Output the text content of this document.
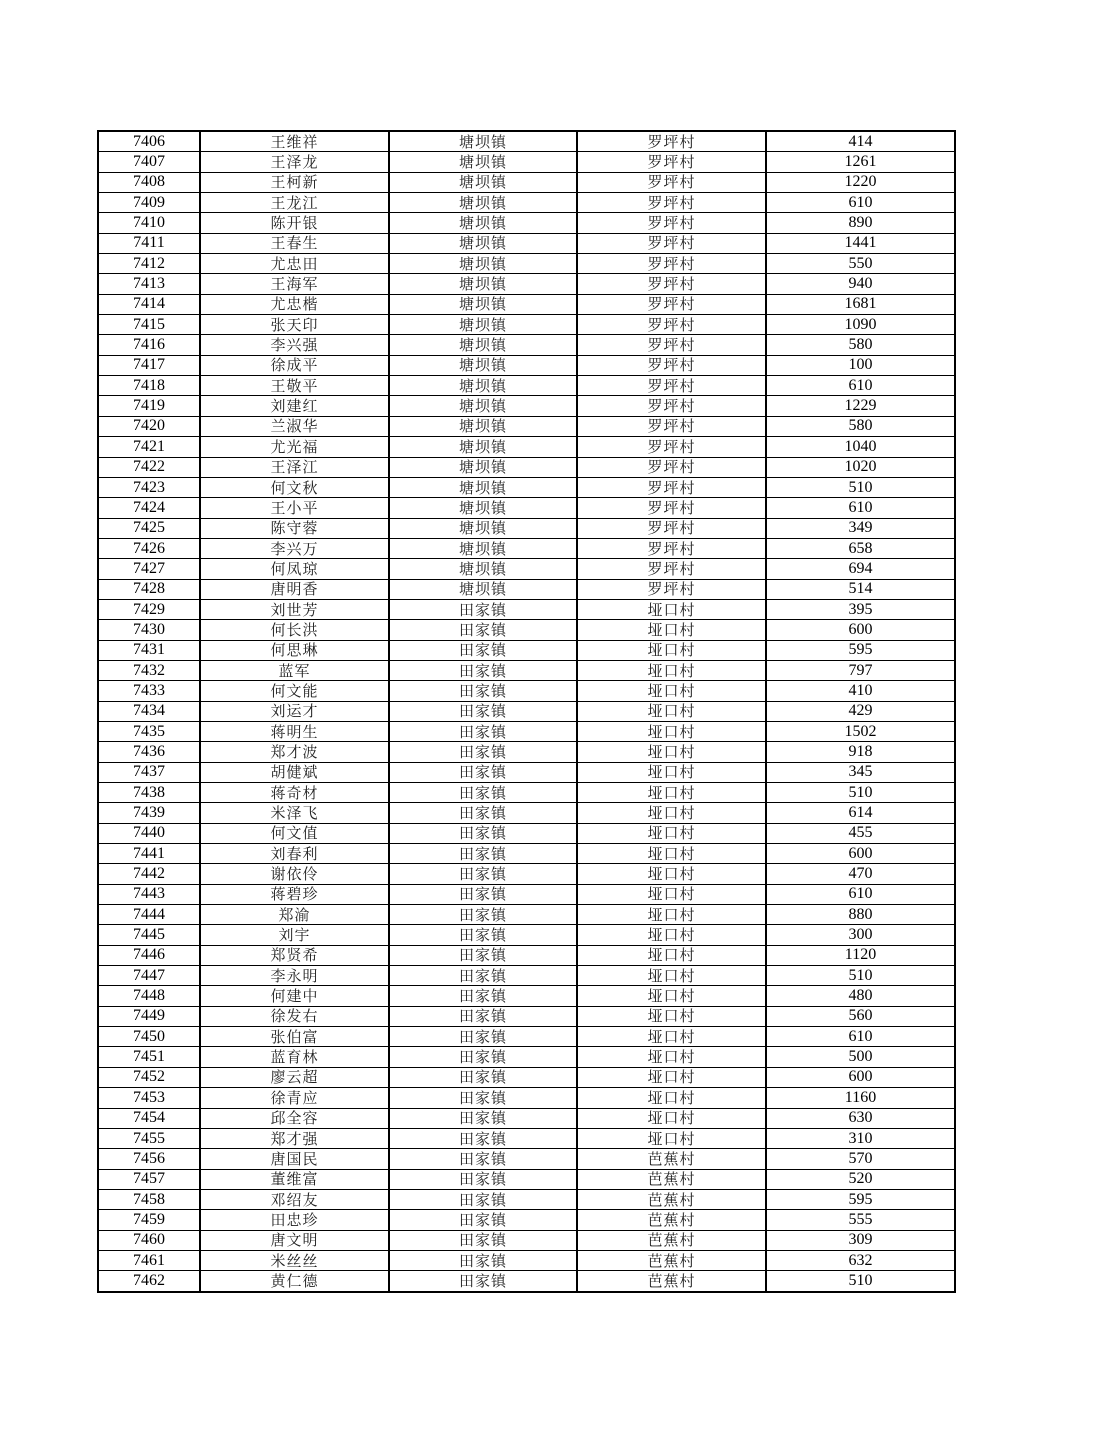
7406	王维祥	塘坝镇	罗坪村	414
7407	王泽龙	塘坝镇	罗坪村	1261
7408	王柯新	塘坝镇	罗坪村	1220
7409	王龙江	塘坝镇	罗坪村	610
7410	陈开银	塘坝镇	罗坪村	890
7411	王春生	塘坝镇	罗坪村	1441
7412	尤忠田	塘坝镇	罗坪村	550
7413	王海军	塘坝镇	罗坪村	940
7414	尤忠楷	塘坝镇	罗坪村	1681
7415	张天印	塘坝镇	罗坪村	1090
7416	李兴强	塘坝镇	罗坪村	580
7417	徐成平	塘坝镇	罗坪村	100
7418	王敬平	塘坝镇	罗坪村	610
7419	刘建红	塘坝镇	罗坪村	1229
7420	兰淑华	塘坝镇	罗坪村	580
7421	尤光福	塘坝镇	罗坪村	1040
7422	王泽江	塘坝镇	罗坪村	1020
7423	何文秋	塘坝镇	罗坪村	510
7424	王小平	塘坝镇	罗坪村	610
7425	陈守蓉	塘坝镇	罗坪村	349
7426	李兴万	塘坝镇	罗坪村	658
7427	何凤琼	塘坝镇	罗坪村	694
7428	唐明香	塘坝镇	罗坪村	514
7429	刘世芳	田家镇	垭口村	395
7430	何长洪	田家镇	垭口村	600
7431	何思琳	田家镇	垭口村	595
7432	蓝军	田家镇	垭口村	797
7433	何文能	田家镇	垭口村	410
7434	刘运才	田家镇	垭口村	429
7435	蒋明生	田家镇	垭口村	1502
7436	郑才波	田家镇	垭口村	918
7437	胡健斌	田家镇	垭口村	345
7438	蒋奇材	田家镇	垭口村	510
7439	米泽飞	田家镇	垭口村	614
7440	何文值	田家镇	垭口村	455
7441	刘春利	田家镇	垭口村	600
7442	谢依伶	田家镇	垭口村	470
7443	蒋碧珍	田家镇	垭口村	610
7444	郑渝	田家镇	垭口村	880
7445	刘宇	田家镇	垭口村	300
7446	郑贤希	田家镇	垭口村	1120
7447	李永明	田家镇	垭口村	510
7448	何建中	田家镇	垭口村	480
7449	徐发右	田家镇	垭口村	560
7450	张伯富	田家镇	垭口村	610
7451	蓝育林	田家镇	垭口村	500
7452	廖云超	田家镇	垭口村	600
7453	徐青应	田家镇	垭口村	1160
7454	邱全容	田家镇	垭口村	630
7455	郑才强	田家镇	垭口村	310
7456	唐国民	田家镇	芭蕉村	570
7457	董维富	田家镇	芭蕉村	520
7458	邓绍友	田家镇	芭蕉村	595
7459	田忠珍	田家镇	芭蕉村	555
7460	唐文明	田家镇	芭蕉村	309
7461	米丝丝	田家镇	芭蕉村	632
7462	黄仁德	田家镇	芭蕉村	510
